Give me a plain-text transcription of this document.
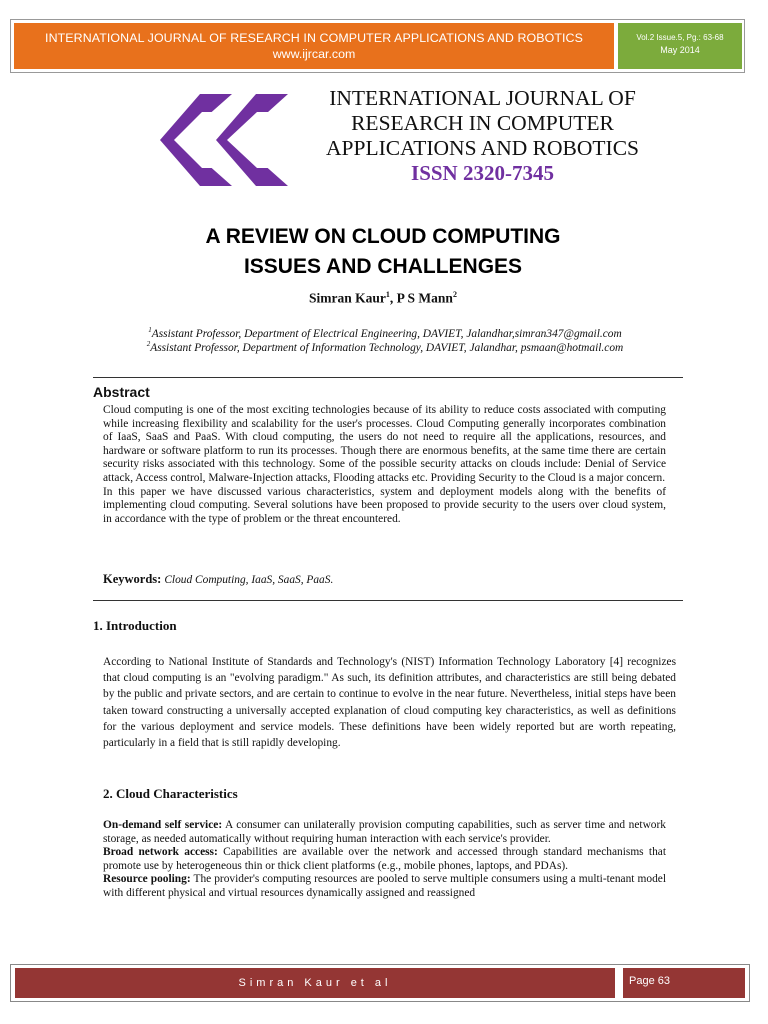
INTERNATIONAL JOURNAL OF RESEARCH IN COMPUTER APPLICATIONS AND ROBOTICS
www.ijrcar.com
Vol.2 Issue.5, Pg.: 63-68
May 2014
INTERNATIONAL JOURNAL OF
RESEARCH IN COMPUTER
APPLICATIONS AND ROBOTICS
ISSN 2320-7345
A REVIEW ON CLOUD COMPUTING
ISSUES AND CHALLENGES
Simran Kaur$^1$, P S Mann$^2$
$^1$Assistant Professor, Department of Electrical Engineering, DAVIET, Jalandhar,simran347@gmail.com
$^2$Assistant Professor, Department of Information Technology, DAVIET, Jalandhar, psmaan@hotmail.com
Abstract

Cloud computing is one of the most exciting technologies because of its ability to reduce costs associated with computing while increasing flexibility and scalability for the user's processes. Cloud Computing generally incorporates combination of IaaS, SaaS and PaaS. With cloud computing, the users do not need to require all the applications, resources, and hardware or software platform to run its processes. Though there are enormous benefits, at the same time there are certain security risks associated with this technology. Some of the possible security attacks on clouds include: Denial of Service attack, Access control, Malware-Injection attacks, Flooding attacks etc. Providing Security to the Cloud is a major concern.

In this paper we have discussed various characteristics, system and deployment models along with the benefits of implementing cloud computing. Several solutions have been proposed to provide security to the users over cloud system, in accordance with the type of problem or the threat encountered.

Keywords: Cloud Computing, IaaS, SaaS, PaaS.
1. Introduction
According to National Institute of Standards and Technology's (NIST) Information Technology Laboratory [4] recognizes that cloud computing is an "evolving paradigm." As such, its definition attributes, and characteristics are still being debated by the public and private sectors, and are certain to continue to evolve in the near future. Nevertheless, initial steps have been taken toward constructing a universally accepted explanation of cloud computing key characteristics, as well as definitions for the various deployment and service models. These definitions have been widely reported but are worth repeating, particularly in a field that is still rapidly developing.
2. Cloud Characteristics
On-demand self service: A consumer can unilaterally provision computing capabilities, such as server time and network storage, as needed automatically without requiring human interaction with each service's provider.
Broad network access: Capabilities are available over the network and accessed through standard mechanisms that promote use by heterogeneous thin or thick client platforms (e.g., mobile phones, laptops, and PDAs).
Resource pooling: The provider's computing resources are pooled to serve multiple consumers using a multi-tenant model with different physical and virtual resources dynamically assigned and reassigned
Simran Kaur et al	Page 63
